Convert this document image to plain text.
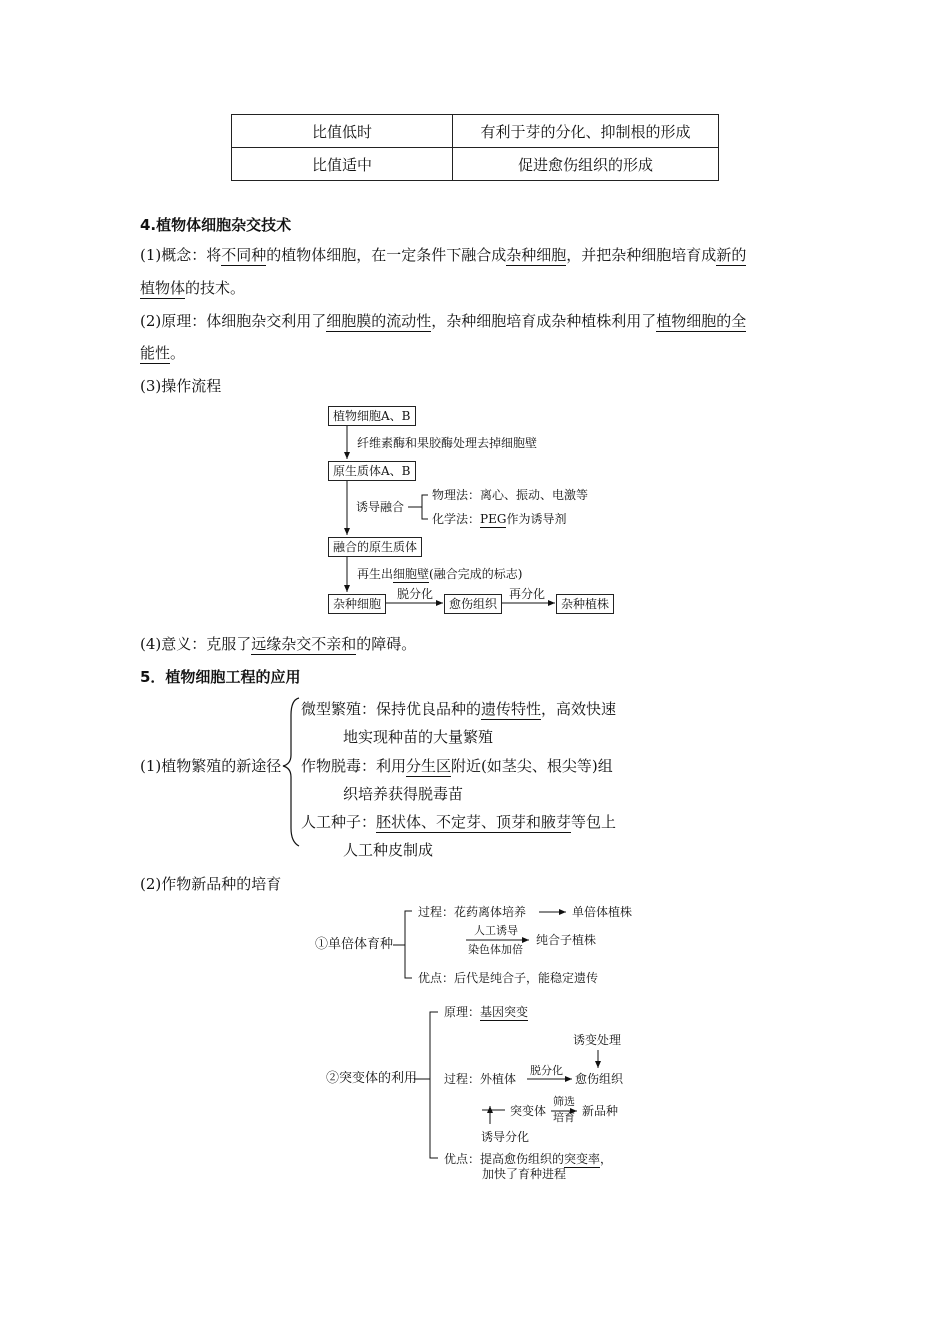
比值低时	有利于芽的分化、抑制根的形成
比值适中	促进愈伤组织的形成
4.植物体细胞杂交技术
(1)概念：将不同种的植物体细胞，在一定条件下融合成杂种细胞，并把杂种细胞培育成新的
植物体的技术。
(2)原理：体细胞杂交利用了细胞膜的流动性，杂种细胞培育成杂种植株利用了植物细胞的全
能性。
(3)操作流程
植物细胞A、B
纤维素酶和果胶酶处理去掉细胞壁
原生质体A、B
诱导融合
物理法：离心、振动、电激等
化学法：PEG作为诱导剂
融合的原生质体
再生出细胞壁(融合完成的标志)
杂种细胞
脱分化
愈伤组织
再分化
杂种植株
(4)意义：克服了远缘杂交不亲和的障碍。
5．植物细胞工程的应用
(1)植物繁殖的新途径
微型繁殖：保持优良品种的遗传特性，高效快速
地实现种苗的大量繁殖
作物脱毒：利用分生区附近(如茎尖、根尖等)组
织培养获得脱毒苗
人工种子：胚状体、不定芽、顶芽和腋芽等包上
人工种皮制成
(2)作物新品种的培育
①单倍体育种
过程：花药离体培养	单倍体植株
人工诱导
染色体加倍
纯合子植株
优点：后代是纯合子，能稳定遗传
②突变体的利用
原理：基因突变
诱变处理
过程：外植体
脱分化
愈伤组织
突变体
筛选
培育 新品种
诱导分化
优点：提高愈伤组织的突变率，
加快了育种进程
